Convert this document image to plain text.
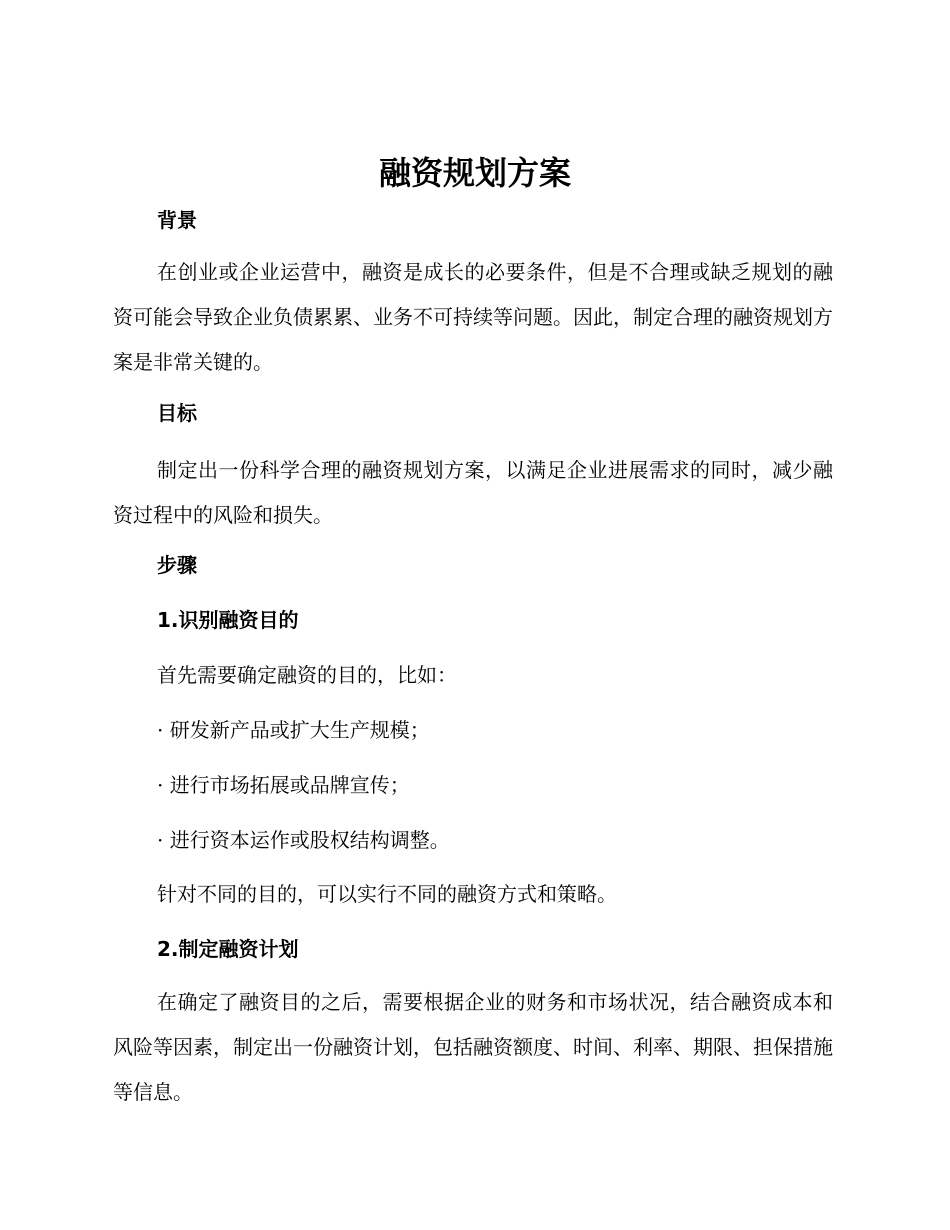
融资规划方案
背景

在创业或企业运营中，融资是成长的必要条件，但是不合理或缺乏规划的融资可能会导致企业负债累累、业务不可持续等问题。因此，制定合理的融资规划方案是非常关键的。

目标

制定出一份科学合理的融资规划方案，以满足企业进展需求的同时，减少融资过程中的风险和损失。

步骤
1.识别融资目的

首先需要确定融资的目的，比如：

· 研发新产品或扩大生产规模；

· 进行市场拓展或品牌宣传；

· 进行资本运作或股权结构调整。

针对不同的目的，可以实行不同的融资方式和策略。

2.制定融资计划

在确定了融资目的之后，需要根据企业的财务和市场状况，结合融资成本和风险等因素，制定出一份融资计划，包括融资额度、时间、利率、期限、担保措施等信息。
